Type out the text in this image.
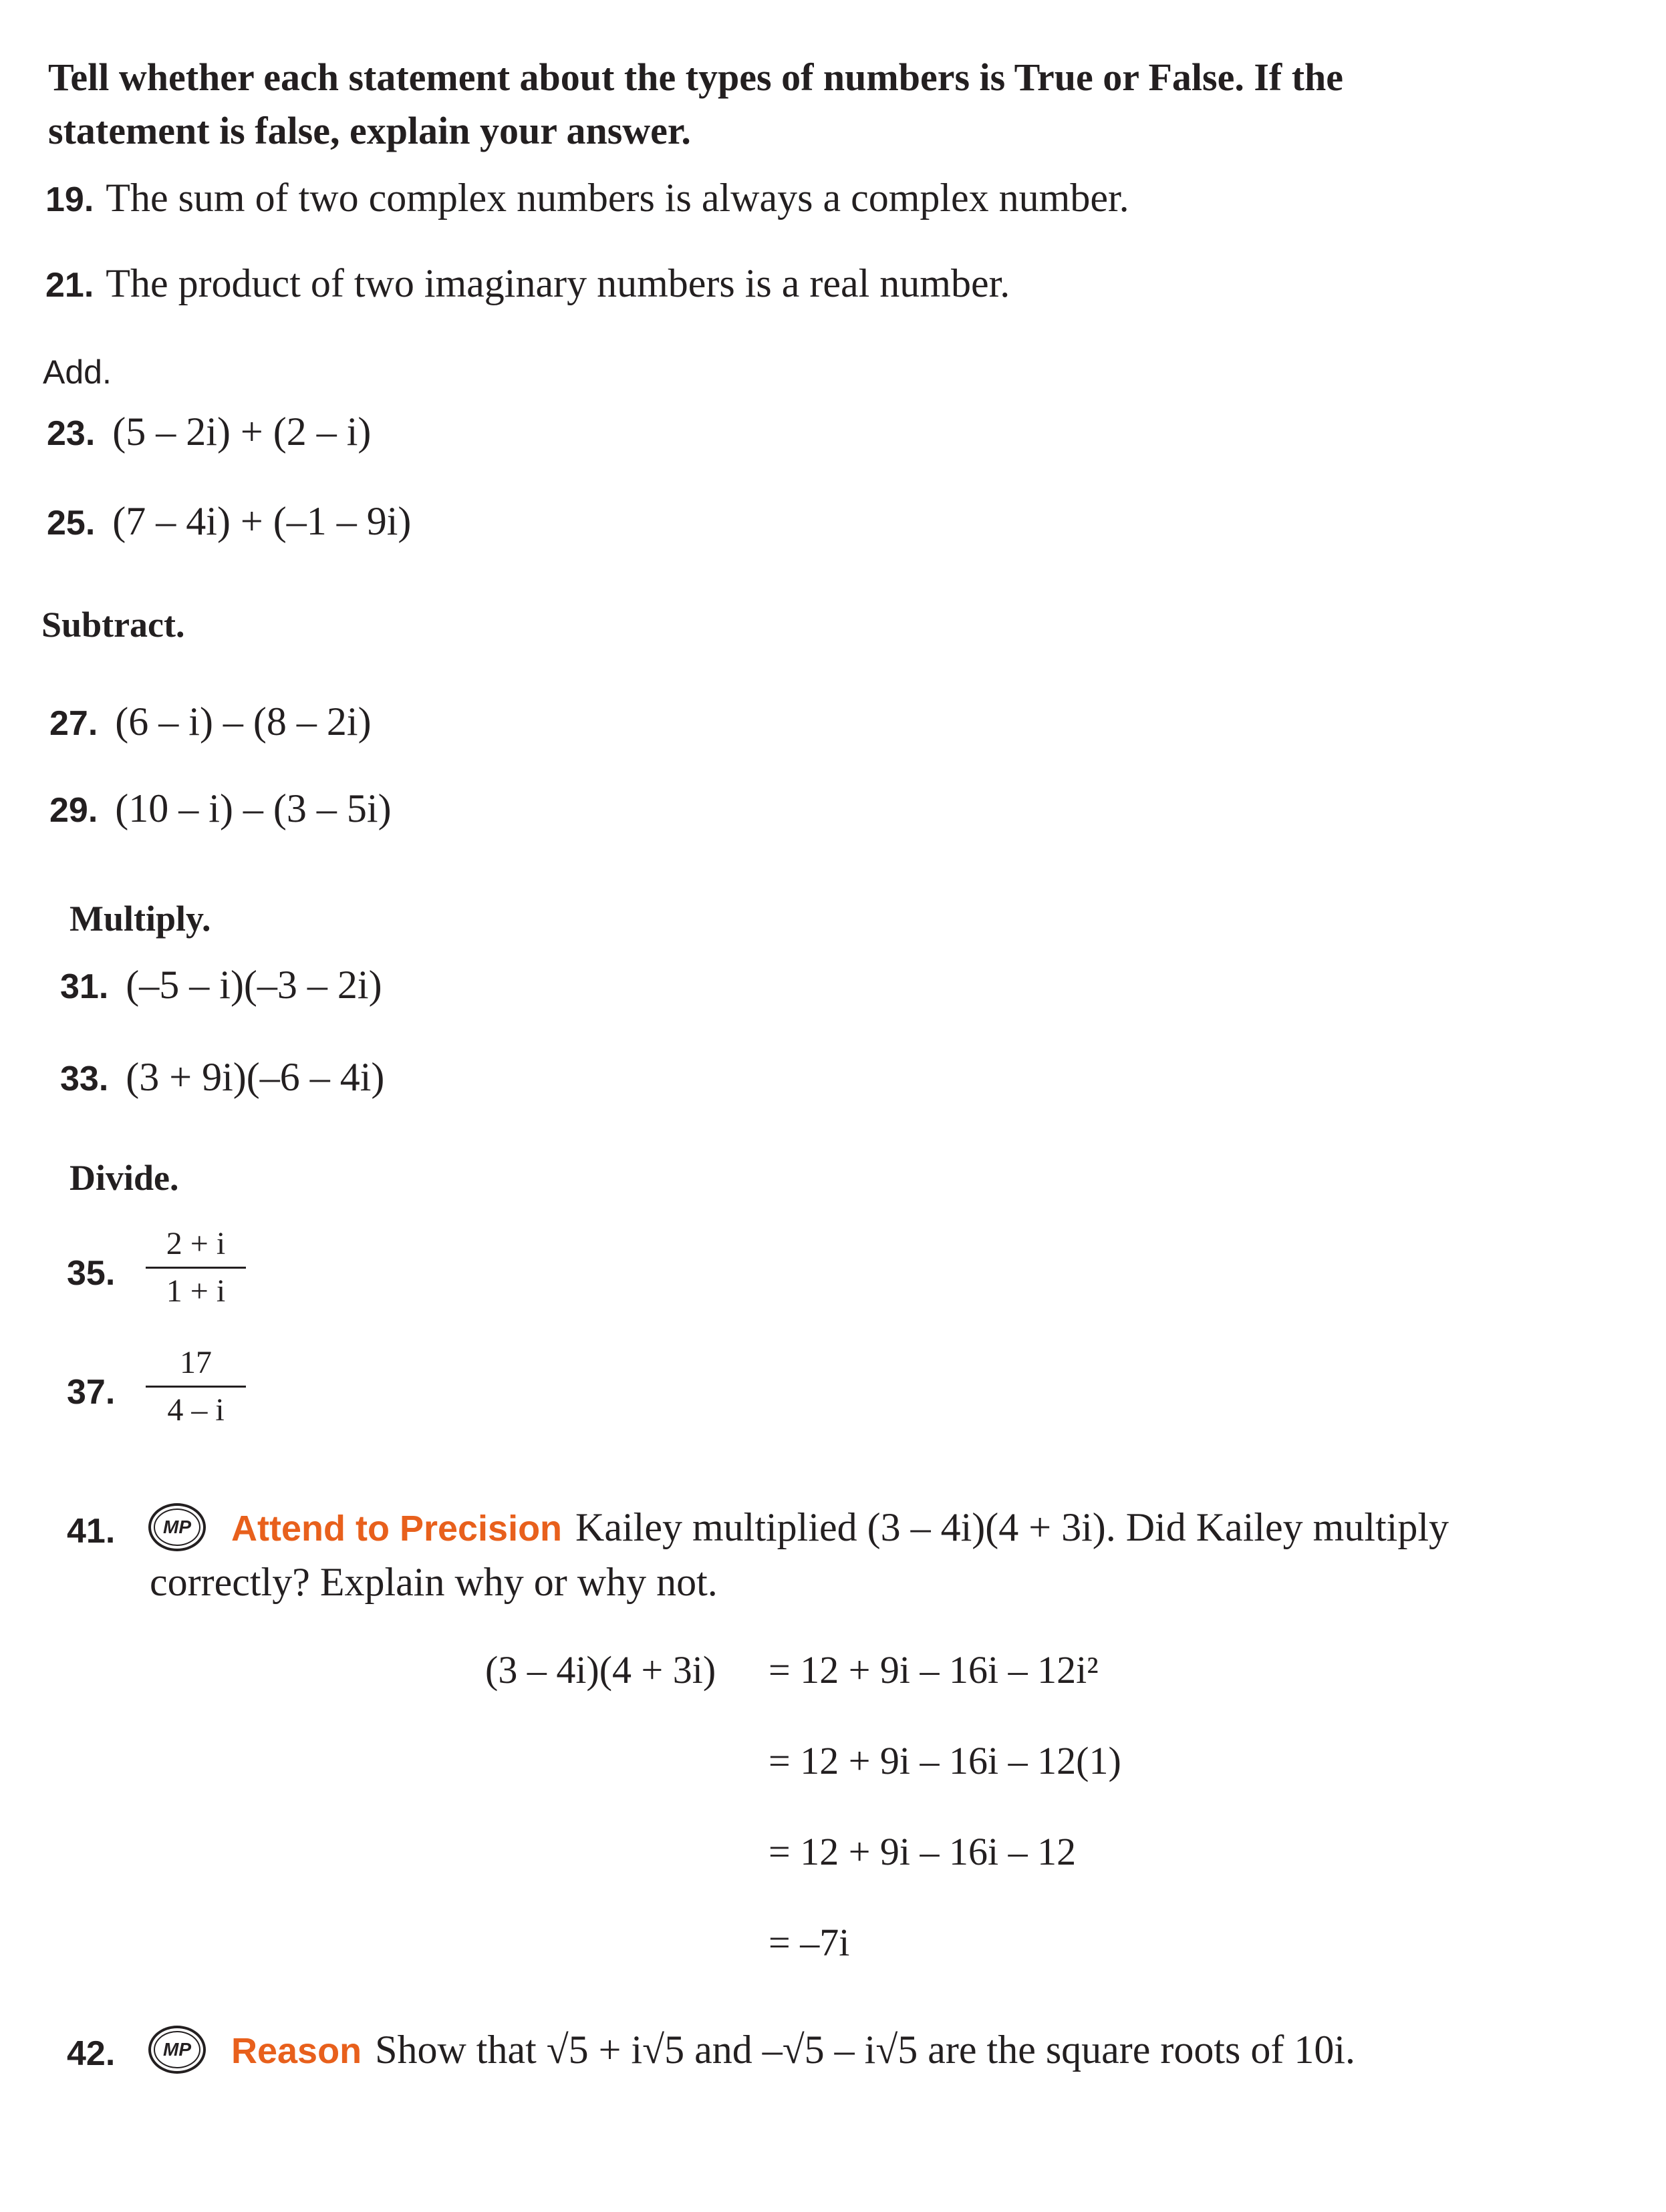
Tell whether each statement about the types of numbers is True or False. If the
statement is false, explain your answer.
19. The sum of two complex numbers is always a complex number.
21. The product of two imaginary numbers is a real number.
Add.
23. (5 – 2i) + (2 – i)
25. (7 – 4i) + (–1 – 9i)
Subtract.
27. (6 – i) – (8 – 2i)
29. (10 – i) – (3 – 5i)
Multiply.
31. (–5 – i)(–3 – 2i)
33. (3 + 9i)(–6 – 4i)
Divide.
35.
2 + i
1 + i
37.
17
4 – i
41.	MP	Attend to Precision Kailey multiplied (3 – 4i)(4 + 3i). Did Kailey multiply
correctly? Explain why or why not.
(3 – 4i)(4 + 3i) = 12 + 9i – 16i – 12i²
= 12 + 9i – 16i – 12(1)
= 12 + 9i – 16i – 12
= –7i
42.	MP	Reason Show that √5 + i√5 and –√5 – i√5 are the square roots of 10i.
